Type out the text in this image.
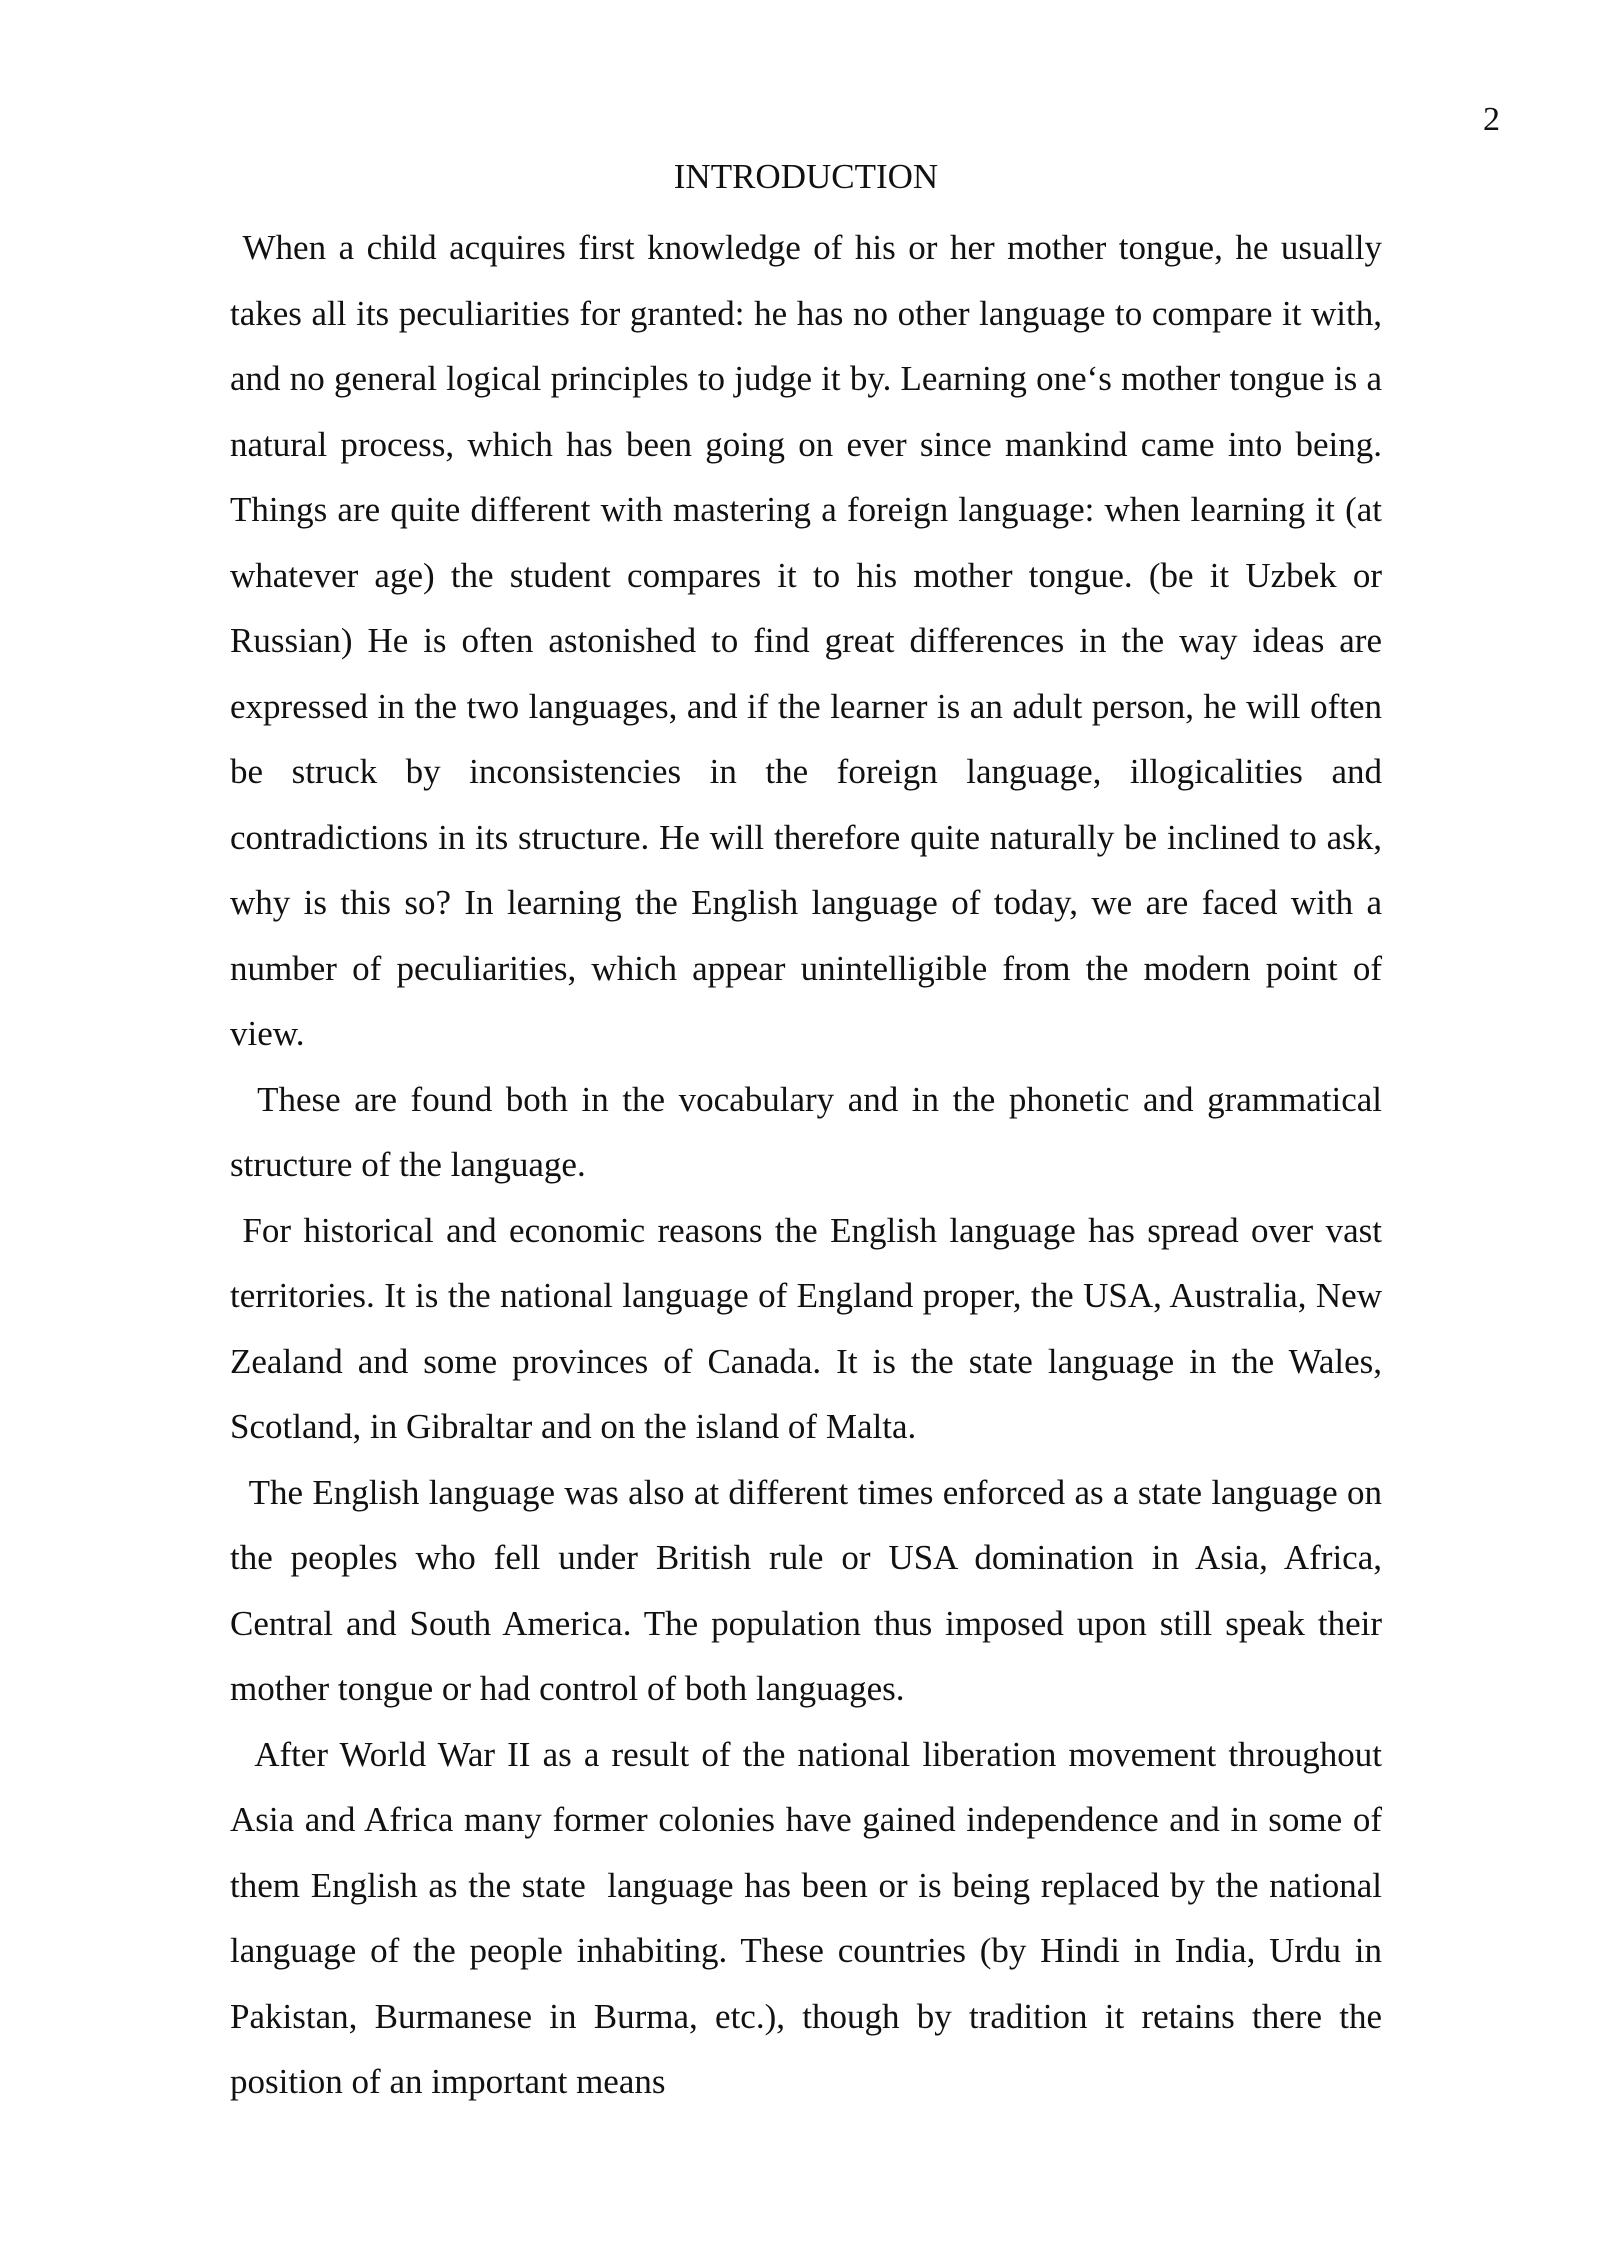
2

INTRODUCTION

When a child acquires first knowledge of his or her mother tongue, he usually takes all its peculiarities for granted: he has no other language to compare it with, and no general logical principles to judge it by. Learning one‘s mother tongue is a natural process, which has been going on ever since mankind came into being. Things are quite different with mastering a foreign language: when learning it (at whatever age) the student compares it to his mother tongue. (be it Uzbek or Russian) He is often astonished to find great differences in the way ideas are expressed in the two languages, and if the learner is an adult person, he will often be struck by inconsistencies in the foreign language, illogicalities and contradictions in its structure. He will therefore quite naturally be inclined to ask, why is this so? In learning the English language of today, we are faced with a number of peculiarities, which appear unintelligible from the modern point of view.

These are found both in the vocabulary and in the phonetic and grammatical structure of the language.

For historical and economic reasons the English language has spread over vast territories. It is the national language of England proper, the USA, Australia, New Zealand and some provinces of Canada. It is the state language in the Wales, Scotland, in Gibraltar and on the island of Malta.

The English language was also at different times enforced as a state language on the peoples who fell under British rule or USA domination in Asia, Africa, Central and South America. The population thus imposed upon still speak their mother tongue or had control of both languages.

After World War II as a result of the national liberation movement throughout Asia and Africa many former colonies have gained independence and in some of them English as the state  language has been or is being replaced by the national language of the people inhabiting. These countries (by Hindi in India, Urdu in Pakistan, Burmanese in Burma, etc.), though by tradition it retains there the position of an important means
